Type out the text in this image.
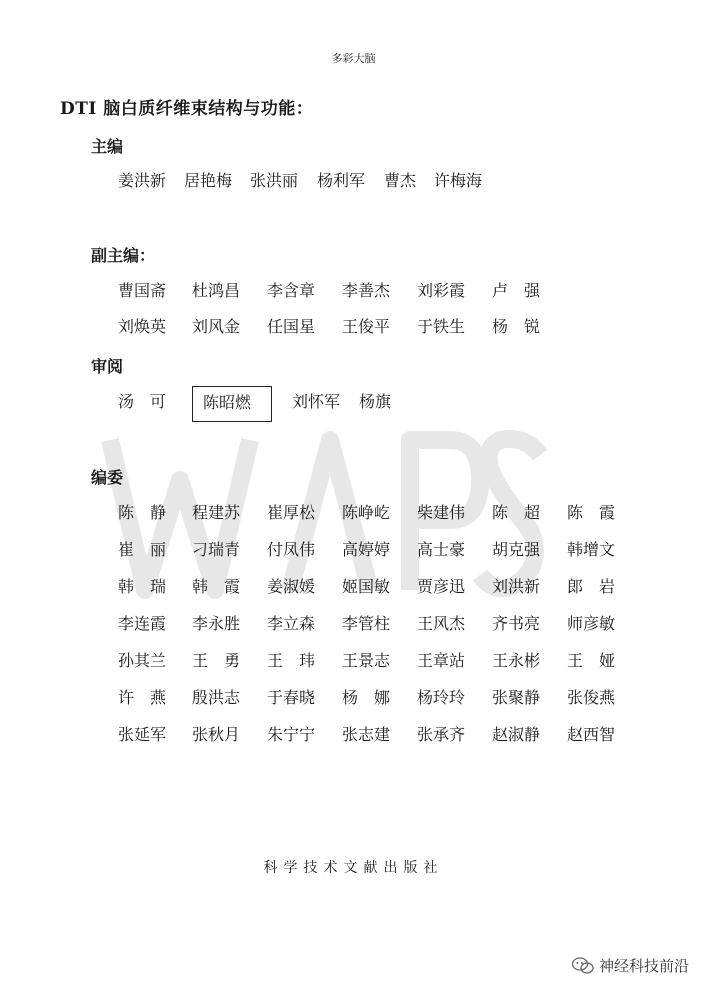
多彩大脑
DTI 脑白质纤维束结构与功能：
主编
姜洪新 居艳梅 张洪丽 杨利军 曹杰 许梅海
副主编：
曹国斋 杜鸿昌 李含章 李善杰 刘彩霞 卢　强
刘焕英 刘风金 任国星 王俊平 于铁生 杨　锐
审阅
汤　可	陈昭燃	刘怀军 杨旗
编委
陈　静 程建苏 崔厚松 陈峥屹 柴建伟 陈　超 陈　霞
崔　丽 刁瑞青 付凤伟 高婷婷 高士豪 胡克强 韩增文
韩　瑞 韩　霞 姜淑媛 姬国敏 贾彦迅 刘洪新 郎　岩
李连霞 李永胜 李立森 李管柱 王风杰 齐书亮 师彦敏
孙其兰 王　勇 王　玮 王景志 王章站 王永彬 王　娅
许　燕 殷洪志 于春晓 杨　娜 杨玲玲 张聚静 张俊燕
张延军 张秋月 朱宁宁 张志建 张承齐 赵淑静 赵西智
科学技术文献出版社
神经科技前沿
